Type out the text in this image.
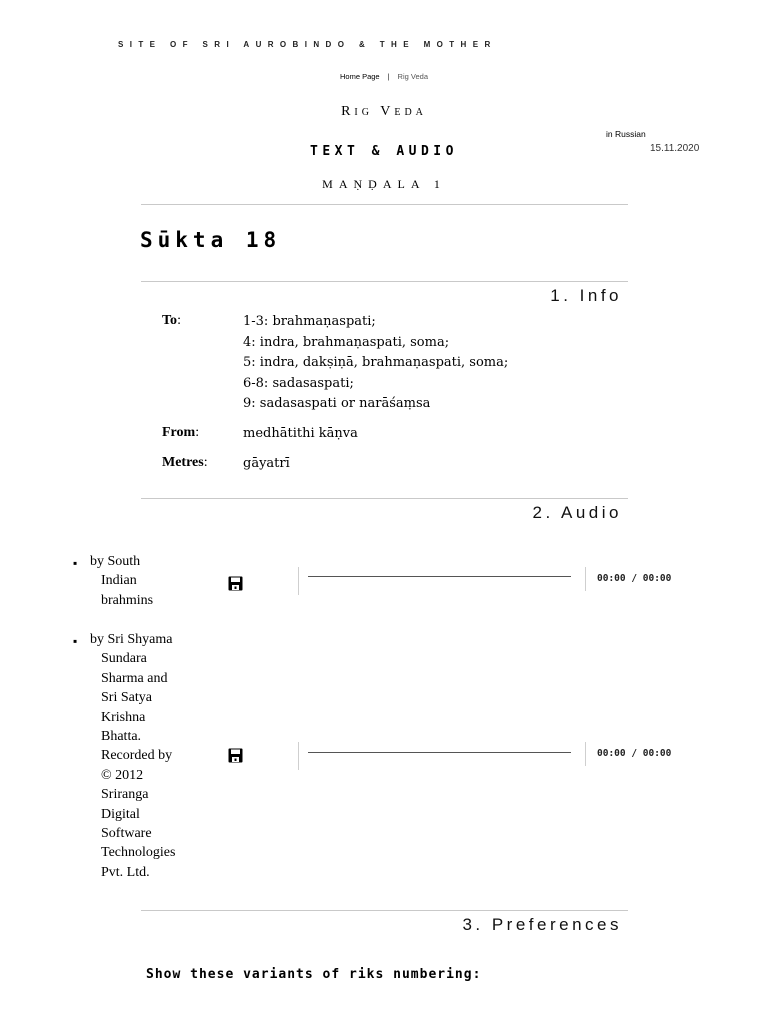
SITE OF SRI AUROBINDO & THE MOTHER
Home Page | Rig Veda
Rig Veda
in Russian
15.11.2020
TEXT & AUDIO
MAṆḌALA 1
Sūkta 18
1. Info
To:	1-3: brahmaṇaspati;
4: indra, brahmaṇaspati, soma;
5: indra, dakṣiṇā, brahmaṇaspati, soma;
6-8: sadasaspati;
9: sadasaspati or narāśaṃsa
From:	medhātithi kāṇva
Metres:	gāyatrī
2. Audio
▪ by South
Indian
brahmins
00:00 / 00:00
▪ by Sri Shyama
Sundara
Sharma and
Sri Satya
Krishna
Bhatta.
Recorded by
© 2012
Sriranga
Digital
Software
Technologies
Pvt. Ltd.
00:00 / 00:00
3. Preferences
Show these variants of riks numbering:
